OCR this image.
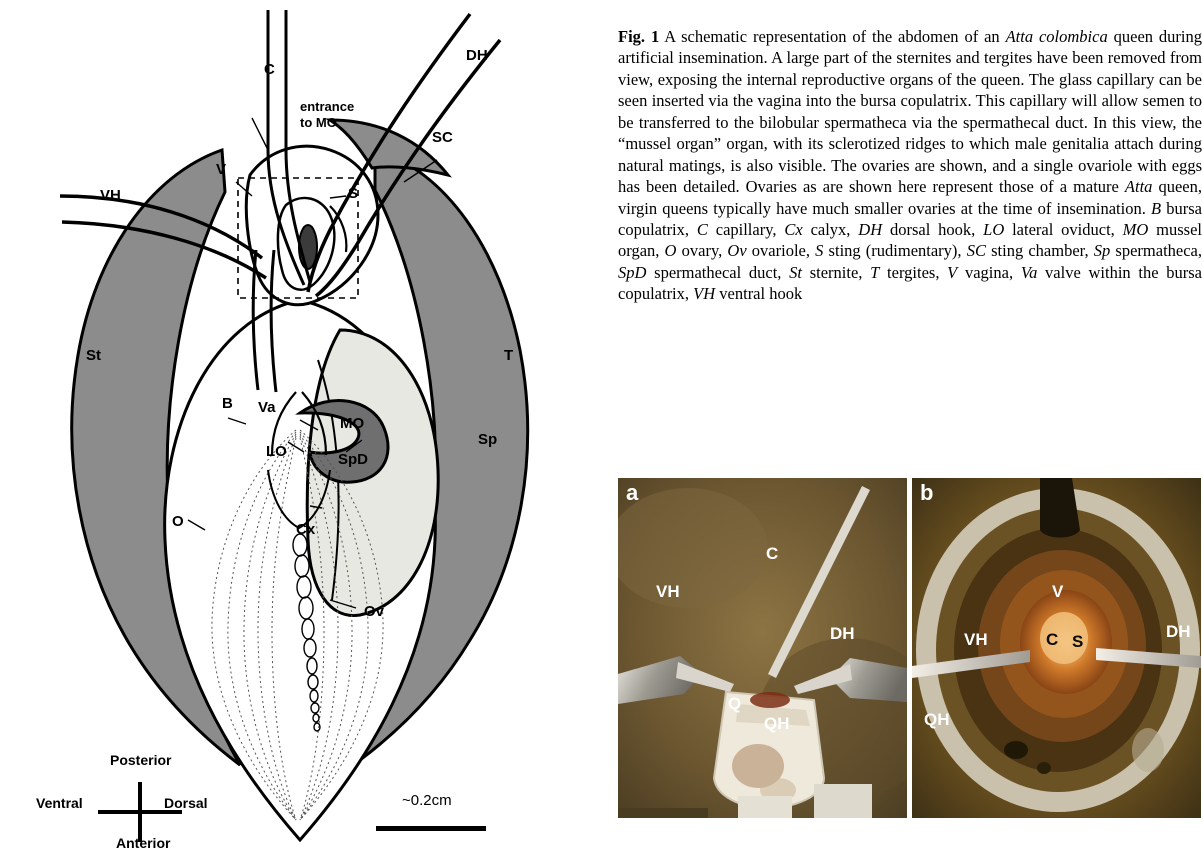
C
DH
entrance
to MO
SC
V
S
VH
St	T
B Va
MO
LO	SpD
Sp
O	Cx
Ov
Posterior
Ventral	Dorsal
Anterior
~0.2cm
Fig. 1 A schematic representation of the abdomen of an Atta colombica queen during artificial insemination. A large part of the sternites and tergites have been removed from view, exposing the internal reproductive organs of the queen. The glass capillary can be seen inserted via the vagina into the bursa copulatrix. This capillary will allow semen to be transferred to the bilobular spermatheca via the spermathecal duct. In this view, the “mussel organ” organ, with its sclerotized ridges to which male genitalia attach during natural matings, is also visible. The ovaries are shown, and a single ovariole with eggs has been detailed. Ovaries as are shown here represent those of a mature Atta queen, virgin queens typically have much smaller ovaries at the time of insemination. B bursa copulatrix, C capillary, Cx calyx, DH dorsal hook, LO lateral oviduct, MO mussel organ, O ovary, Ov ovariole, S sting (rudimentary), SC sting chamber, Sp spermatheca, SpD spermathecal duct, St sternite, T tergites, V vagina, Va valve within the bursa copulatrix, VH ventral hook
a
VH
C
DH
Q
QH
b
V
DH
VH	C S
QH
